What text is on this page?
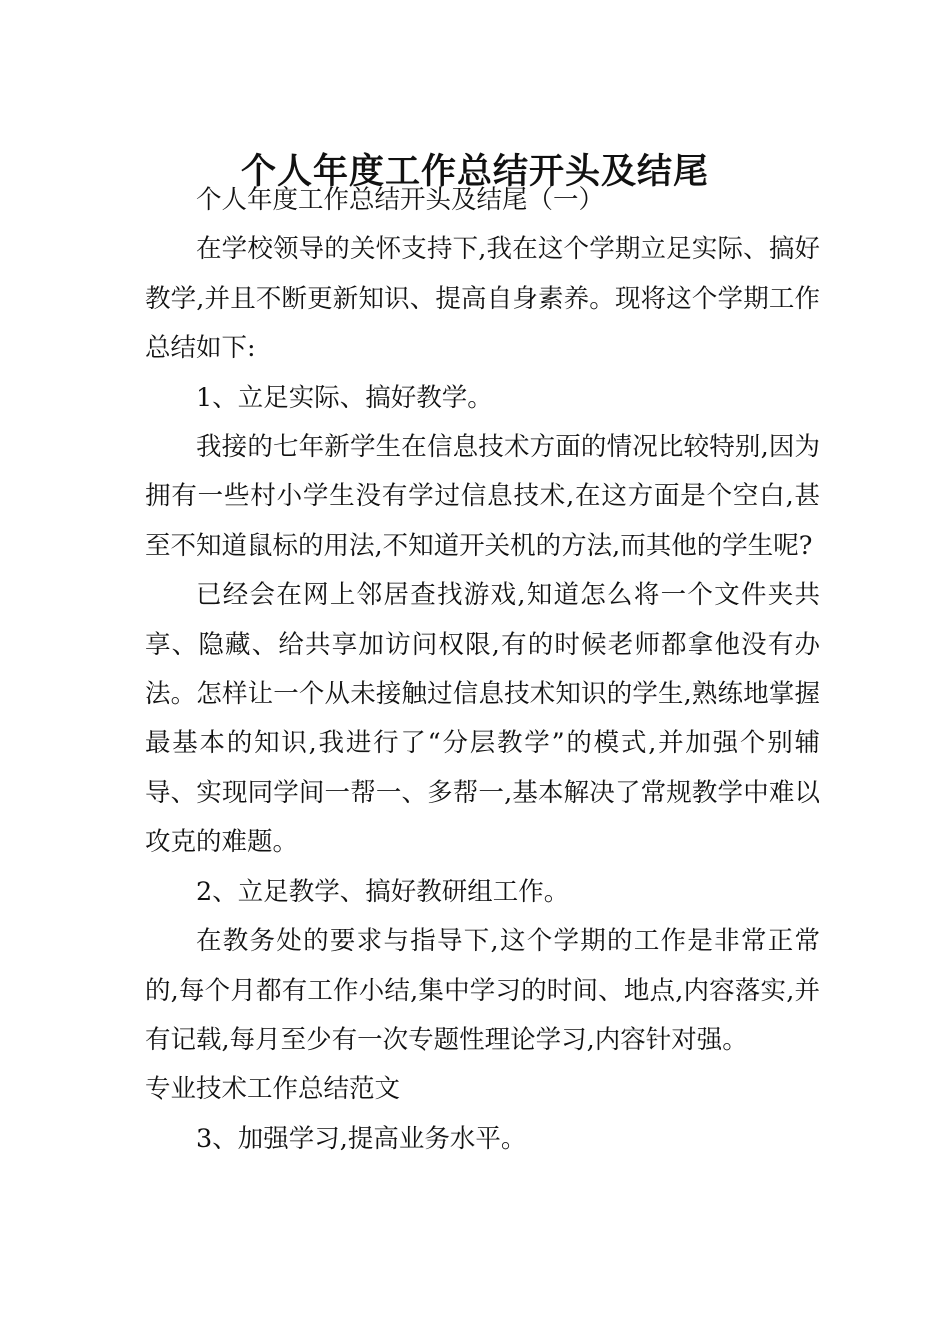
个人年度工作总结开头及结尾

个人年度工作总结开头及结尾（一）

在学校领导的关怀支持下,我在这个学期立足实际、搞好教学,并且不断更新知识、提高自身素养。现将这个学期工作总结如下:

1、立足实际、搞好教学。

我接的七年新学生在信息技术方面的情况比较特别,因为拥有一些村小学生没有学过信息技术,在这方面是个空白,甚至不知道鼠标的用法,不知道开关机的方法,而其他的学生呢?

已经会在网上邻居查找游戏,知道怎么将一个文件夹共享、隐藏、给共享加访问权限,有的时候老师都拿他没有办法。怎样让一个从未接触过信息技术知识的学生,熟练地掌握最基本的知识,我进行了“分层教学”的模式,并加强个别辅导、实现同学间一帮一、多帮一,基本解决了常规教学中难以攻克的难题。

2、立足教学、搞好教研组工作。

在教务处的要求与指导下,这个学期的工作是非常正常的,每个月都有工作小结,集中学习的时间、地点,内容落实,并有记载,每月至少有一次专题性理论学习,内容针对强。

专业技术工作总结范文

3、加强学习,提高业务水平。
